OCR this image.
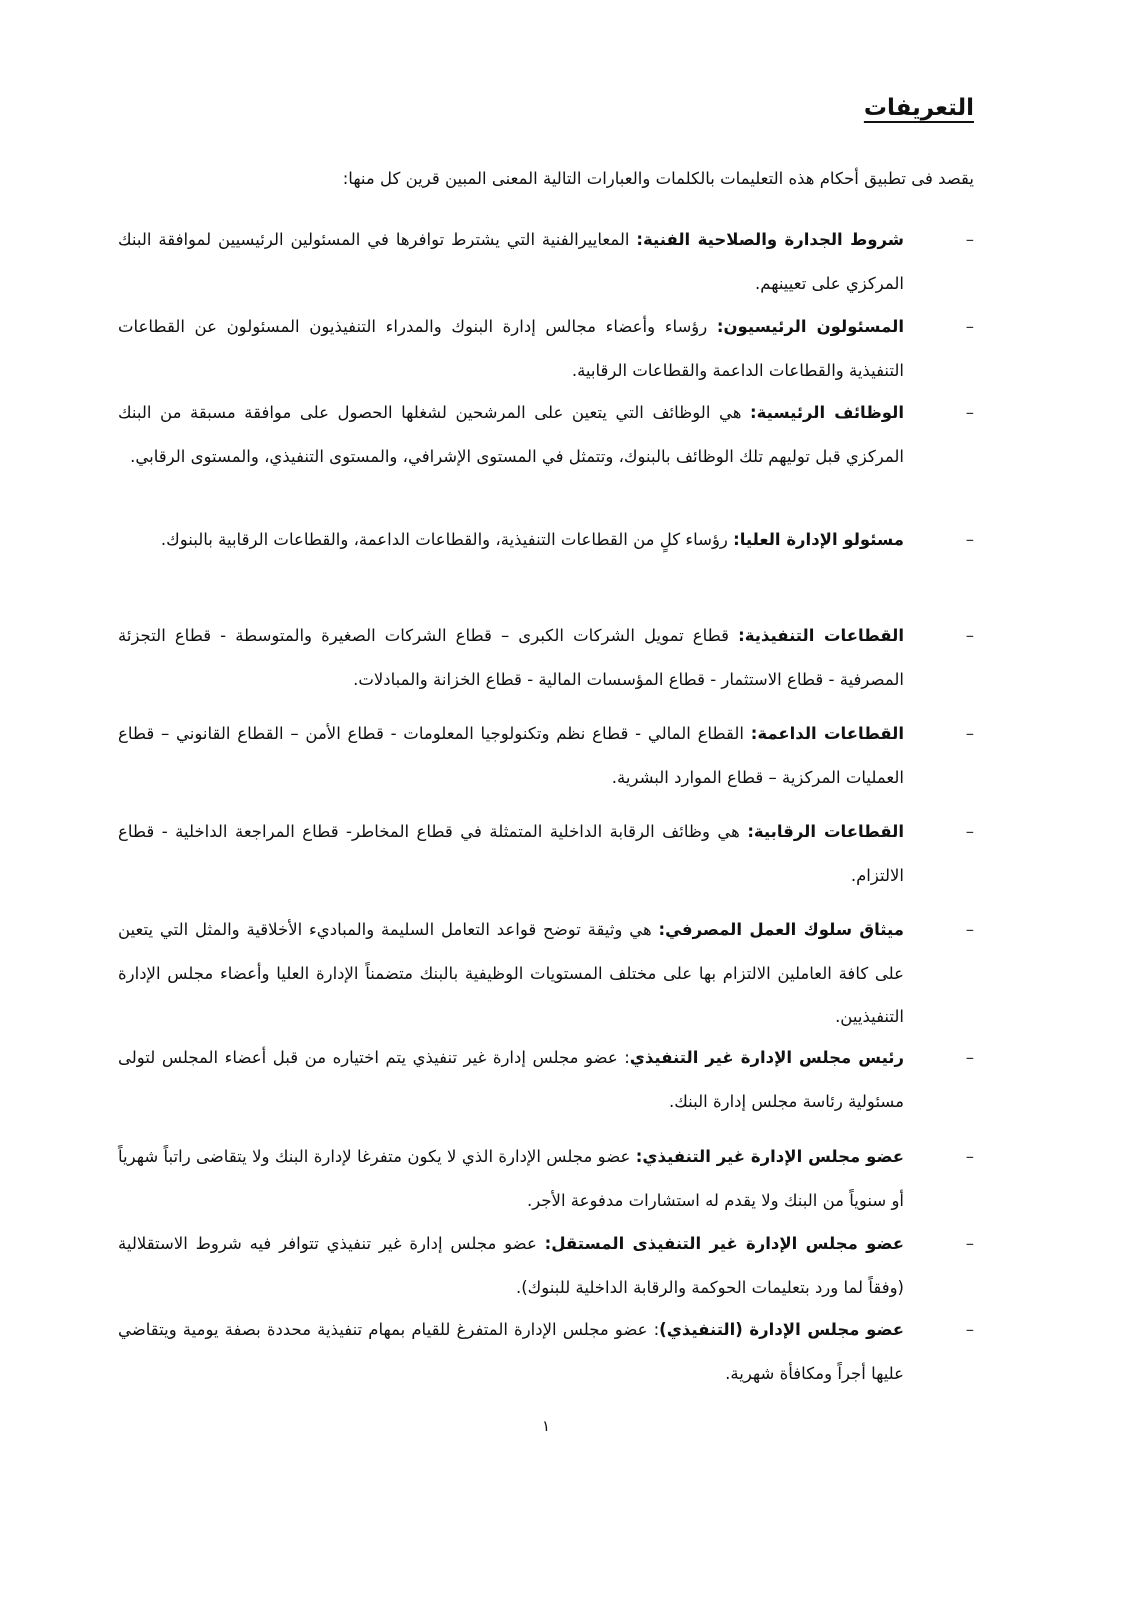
التعريفات

يقصد فى تطبيق أحكام هذه التعليمات بالكلمات والعبارات التالية المعنى المبين قرين كل منها:

–
شروط الجدارة والصلاحية الفنية: المعاييرالفنية التي يشترط توافرها في المسئولين الرئيسيين لموافقة البنك المركزي على تعيينهم.
–
المسئولون الرئيسيون: رؤساء وأعضاء مجالس إدارة البنوك والمدراء التنفيذيون المسئولون عن القطاعات التنفيذية والقطاعات الداعمة والقطاعات الرقابية.
–
الوظائف الرئيسية: هي الوظائف التي يتعين على المرشحين لشغلها الحصول على موافقة مسبقة من البنك المركزي قبل توليهم تلك الوظائف بالبنوك، وتتمثل في المستوى الإشرافي، والمستوى التنفيذي، والمستوى الرقابي.
–
مسئولو الإدارة العليا: رؤساء كلٍ من القطاعات التنفيذية، والقطاعات الداعمة، والقطاعات الرقابية بالبنوك.
–
القطاعات التنفيذية: قطاع تمويل الشركات الكبرى – قطاع الشركات الصغيرة والمتوسطة - قطاع التجزئة المصرفية - قطاع الاستثمار - قطاع المؤسسات المالية - قطاع الخزانة والمبادلات.
–
القطاعات الداعمة: القطاع المالي - قطاع نظم وتكنولوجيا المعلومات - قطاع الأمن – القطاع القانوني – قطاع العمليات المركزية – قطاع الموارد البشرية.
–
القطاعات الرقابية: هي وظائف الرقابة الداخلية المتمثلة في قطاع المخاطر- قطاع المراجعة الداخلية - قطاع الالتزام.
–
ميثاق سلوك العمل المصرفي: هي وثيقة توضح قواعد التعامل السليمة والمباديء الأخلاقية والمثل التي يتعين على كافة العاملين الالتزام بها على مختلف المستويات الوظيفية بالبنك متضمناً الإدارة العليا وأعضاء مجلس الإدارة التنفيذيين.
–
رئيس مجلس الإدارة غير التنفيذي: عضو مجلس إدارة غير تنفيذي يتم اختياره من قبل أعضاء المجلس لتولى مسئولية رئاسة مجلس إدارة البنك.
–
عضو مجلس الإدارة غير التنفيذي: عضو مجلس الإدارة الذي لا يكون متفرغا لإدارة البنك ولا يتقاضى راتباً شهرياً أو سنوياً من البنك ولا يقدم له استشارات مدفوعة الأجر.
–
عضو مجلس الإدارة غير التنفيذى المستقل: عضو مجلس إدارة غير تنفيذي تتوافر فيه شروط الاستقلالية (وفقاً لما ورد بتعليمات الحوكمة والرقابة الداخلية للبنوك).
–
عضو مجلس الإدارة (التنفيذي): عضو مجلس الإدارة المتفرغ للقيام بمهام تنفيذية محددة بصفة يومية ويتقاضي عليها أجراً ومكافأة شهرية.
١
